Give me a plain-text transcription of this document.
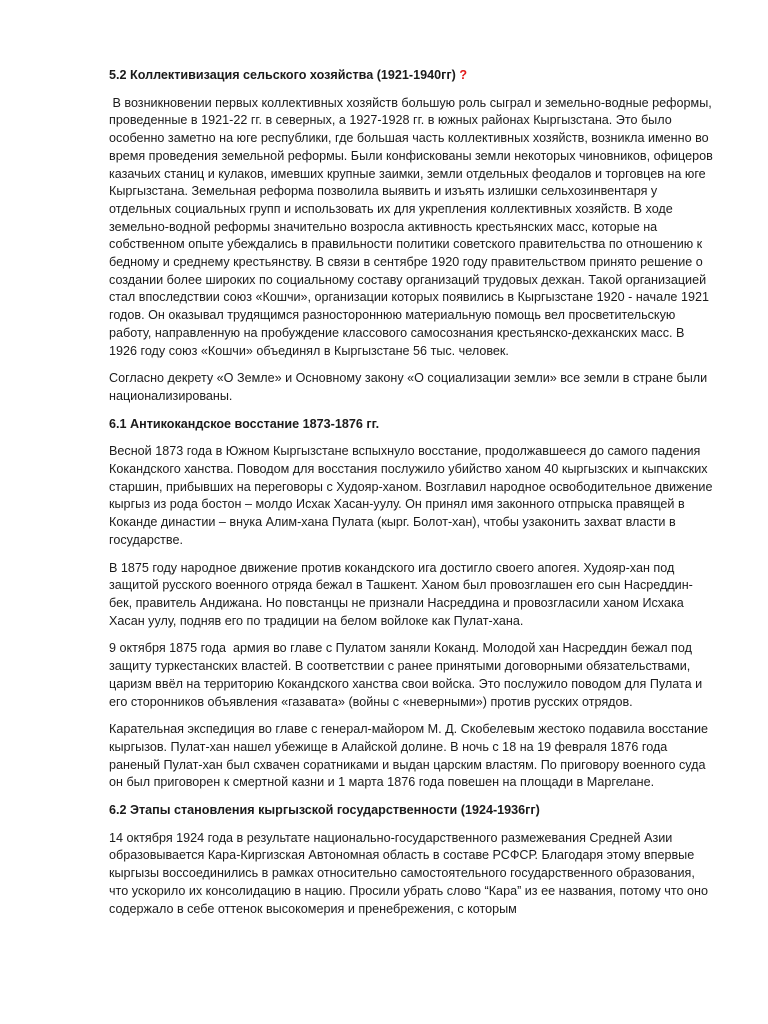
5.2 Коллективизация сельского хозяйства (1921-1940гг) ?
В возникновении первых коллективных хозяйств большую роль сыграл и земельно-водные реформы, проведенные в 1921-22 гг. в северных, а 1927-1928 гг. в южных районах Кыргызстана. Это было особенно заметно на юге республики, где большая часть коллективных хозяйств, возникла именно во время проведения земельной реформы. Были конфискованы земли некоторых чиновников, офицеров казачьих станиц и кулаков, имевших крупные заимки, земли отдельных феодалов и торговцев на юге Кыргызстана. Земельная реформа позволила выявить и изъять излишки сельхозинвентаря у отдельных социальных групп и использовать их для укрепления коллективных хозяйств. В ходе земельно-водной реформы значительно возросла активность крестьянских масс, которые на собственном опыте убеждались в правильности политики советского правительства по отношению к бедному и среднему крестьянству. В связи в сентябре 1920 году правительством принято решение о создании более широких по социальному составу организаций трудовых дехкан. Такой организацией стал впоследствии союз «Кошчи», организации которых появились в Кыргызстане 1920 - начале 1921 годов. Он оказывал трудящимся разностороннюю материальную помощь вел просветительскую работу, направленную на пробуждение классового самосознания крестьянско-дехканских масс. В 1926 году союз «Кошчи» объединял в Кыргызстане 56 тыс. человек.
Согласно декрету «О Земле» и Основному закону «О социализации земли» все земли в стране были национализированы.
6.1 Антикокандское восстание 1873-1876 гг.
Весной 1873 года в Южном Кыргызстане вспыхнуло восстание, продолжавшееся до самого падения Кокандского ханства. Поводом для восстания послужило убийство ханом 40 кыргызских и кыпчакских старшин, прибывших на переговоры с Худояр-ханом. Возглавил народное освободительное движение кыргыз из рода бостон – молдо Исхак Хасан-уулу. Он принял имя законного отпрыска правящей в Коканде династии – внука Алим-хана Пулата (кырг. Болот-хан), чтобы узаконить захват власти в государстве.
В 1875 году народное движение против кокандского ига достигло своего апогея. Худояр-хан под защитой русского военного отряда бежал в Ташкент. Ханом был провозглашен его сын Насреддин-бек, правитель Андижана. Но повстанцы не признали Насреддина и провозгласили ханом Исхака Хасан уулу, подняв его по традиции на белом войлоке как Пулат-хана.
9 октября 1875 года  армия во главе с Пулатом заняли Коканд. Молодой хан Насреддин бежал под защиту туркестанских властей. В соответствии с ранее принятыми договорными обязательствами, царизм ввёл на территорию Кокандского ханства свои войска. Это послужило поводом для Пулата и его сторонников объявления «газавата» (войны с «неверными») против русских отрядов.
Карательная экспедиция во главе с генерал-майором М. Д. Скобелевым жестоко подавила восстание кыргызов. Пулат-хан нашел убежище в Алайской долине. В ночь с 18 на 19 февраля 1876 года раненый Пулат-хан был схвачен соратниками и выдан царским властям. По приговору военного суда он был приговорен к смертной казни и 1 марта 1876 года повешен на площади в Маргелане.
6.2 Этапы становления кыргызской государственности (1924-1936гг)
14 октября 1924 года в результате национально-государственного размежевания Средней Азии образовывается Кара-Киргизская Автономная область в составе РСФСР. Благодаря этому впервые кыргызы воссоединились в рамках относительно самостоятельного государственного образования, что ускорило их консолидацию в нацию. Просили убрать слово “Кара” из ее названия, потому что оно содержало в себе оттенок высокомерия и пренебрежения, с которым
